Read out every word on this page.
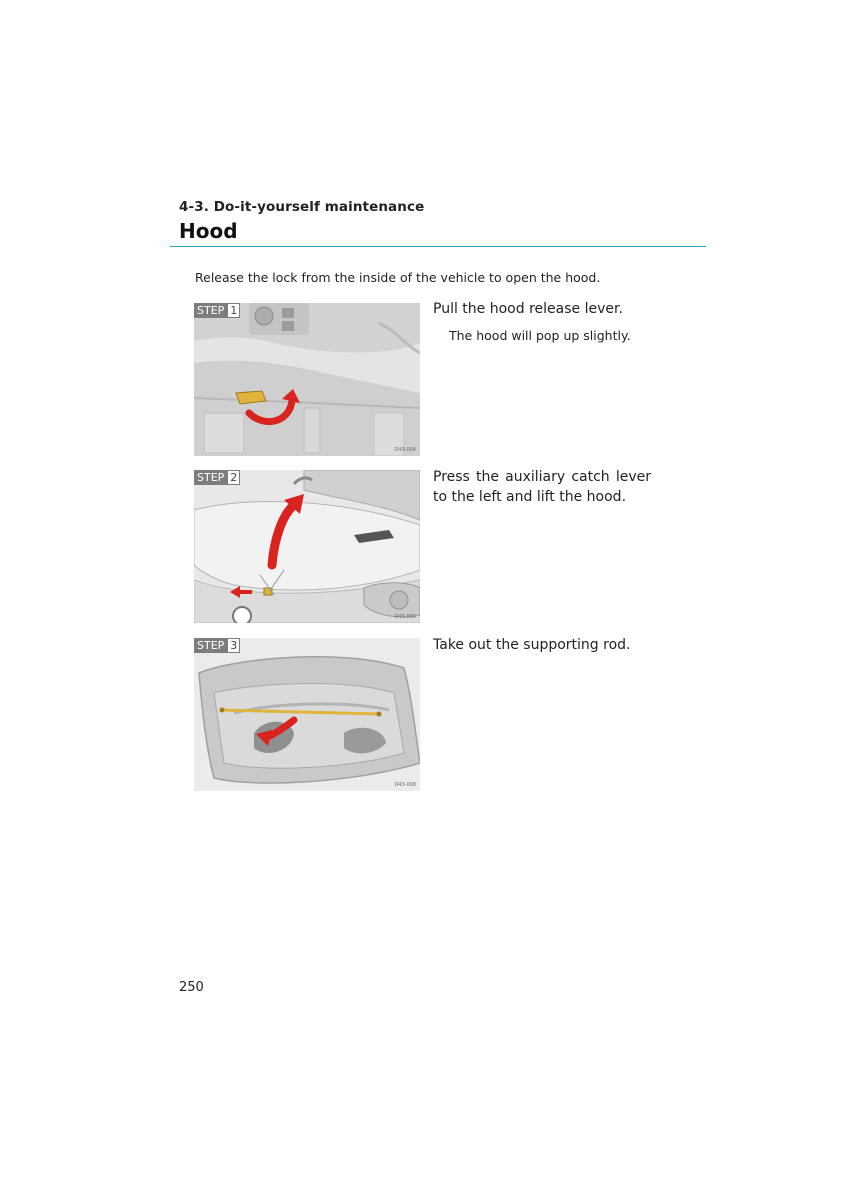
4-3. Do-it-yourself maintenance
Hood
Release the lock from the inside of the vehicle to open the hood.
STEP 1
O43-004
Pull the hood release lever.
The hood will pop up slightly.
STEP 2
O43-006
Press the auxiliary catch lever to the left and lift the hood.
STEP 3
O43-008
Take out the supporting rod.
250
